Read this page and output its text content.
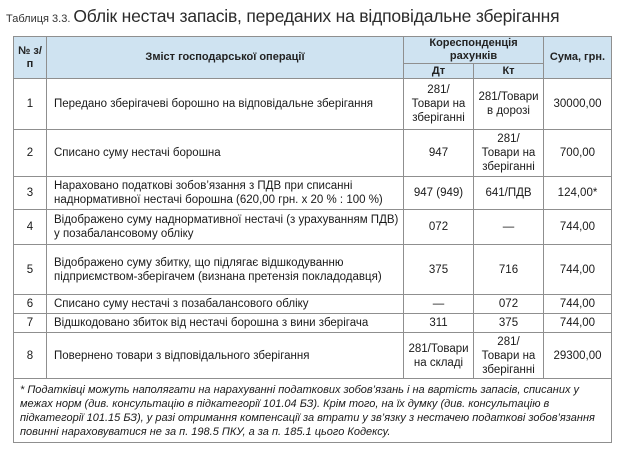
Таблиця 3.3. Облік нестач запасів, переданих на відповідальне зберігання
№ з/п	Зміст господарської операції	Кореспонденція рахунків		Сума, грн.
		Дт	Кт	
1	Передано зберігачеві борошно на відповідальне зберігання	281/ Товари на зберіганні	281/Товари в дорозі	30000,00
2	Списано суму нестачі борошна	947	281/ Товари на зберіганні	700,00
3	Нараховано податкові зобов’язання з ПДВ при списанні наднормативної нестачі борошна (620,00 грн. х 20 % : 100 %)	947 (949)	641/ПДВ	124,00*
4	Відображено суму наднормативної нестачі (з урахуванням ПДВ) у позабалансовому обліку	072	—	744,00
5	Відображено суму збитку, що підлягає відшкодуванню підприємством-зберігачем (визнана претензія покладодавця)	375	716	744,00
6	Списано суму нестачі з позабалансового обліку	—	072	744,00
7	Відшкодовано збиток від нестачі борошна з вини зберігача	311	375	744,00
8	Повернено товари з відповідального зберігання	281/Товари на складі	281/ Товари на зберіганні	29300,00
* Податківці можуть наполягати на нарахуванні податкових зобов’язань і на вартість запасів, списаних у межах норм (див. консультацію в підкатегорії 101.04 БЗ). Крім того, на їх думку (див. консультацію в підкатегорії 101.15 БЗ), у разі отримання компенсації за втрати у зв’язку з нестачею податкові зобов’язання повинні нараховуватися не за п. 198.5 ПКУ, а за п. 185.1 цього Кодексу.				
